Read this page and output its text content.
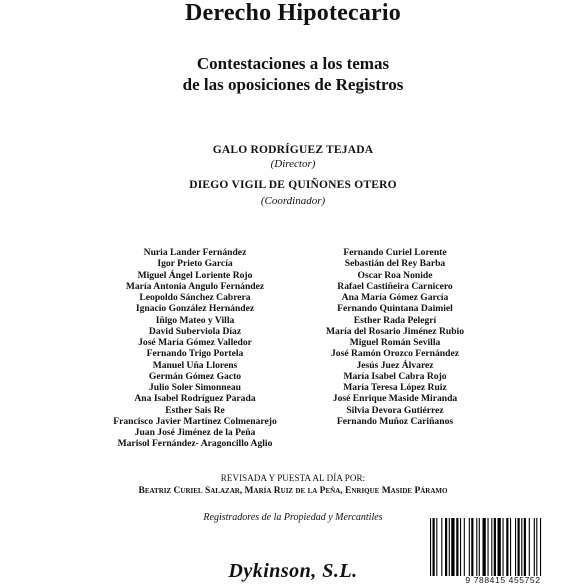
Derecho Hipotecario
Contestaciones a los temas
de las oposiciones de Registros
GALO RODRÍGUEZ TEJADA
(Director)
DIEGO VIGIL DE QUIÑONES OTERO
(Coordinador)
Nuria Lander Fernández
Igor Prieto García
Miguel Ángel Loriente Rojo
María Antonia Angulo Fernández
Leopoldo Sánchez Cabrera
Ignacio González Hernández
Iñigo Mateo y Villa
David Suberviola Díaz
José María Gómez Valledor
Fernando Trigo Portela
Manuel Uña Llorens
Germán Gómez Gacto
Julio Soler Simonneau
Ana Isabel Rodríguez Parada
Esther Sais Re
Francisco Javier Martínez Colmenarejo
Juan José Jiménez de la Peña
Marisol Fernández- Aragoncillo Aglio
Fernando Curiel Lorente
Sebastián del Rey Barba
Oscar Roa Nonide
Rafael Castiñeira Carnicero
Ana María Gómez García
Fernando Quintana Daimiel
Esther Rada Pelegrí
María del Rosario Jiménez Rubio
Miguel Román Sevilla
José Ramón Orozco Fernández
Jesús Juez Álvarez
María Isabel Cabra Rojo
María Teresa López Ruiz
José Enrique Maside Miranda
Silvia Devora Gutiérrez
Fernando Muñoz Cariñanos
REVISADA Y PUESTA AL DÍA POR:
Beatriz Curiel Salazar, María Ruiz de la Peña, Enrique Maside Páramo
Registradores de la Propiedad y Mercantiles
Dykinson, S.L.	9 788415 455752
